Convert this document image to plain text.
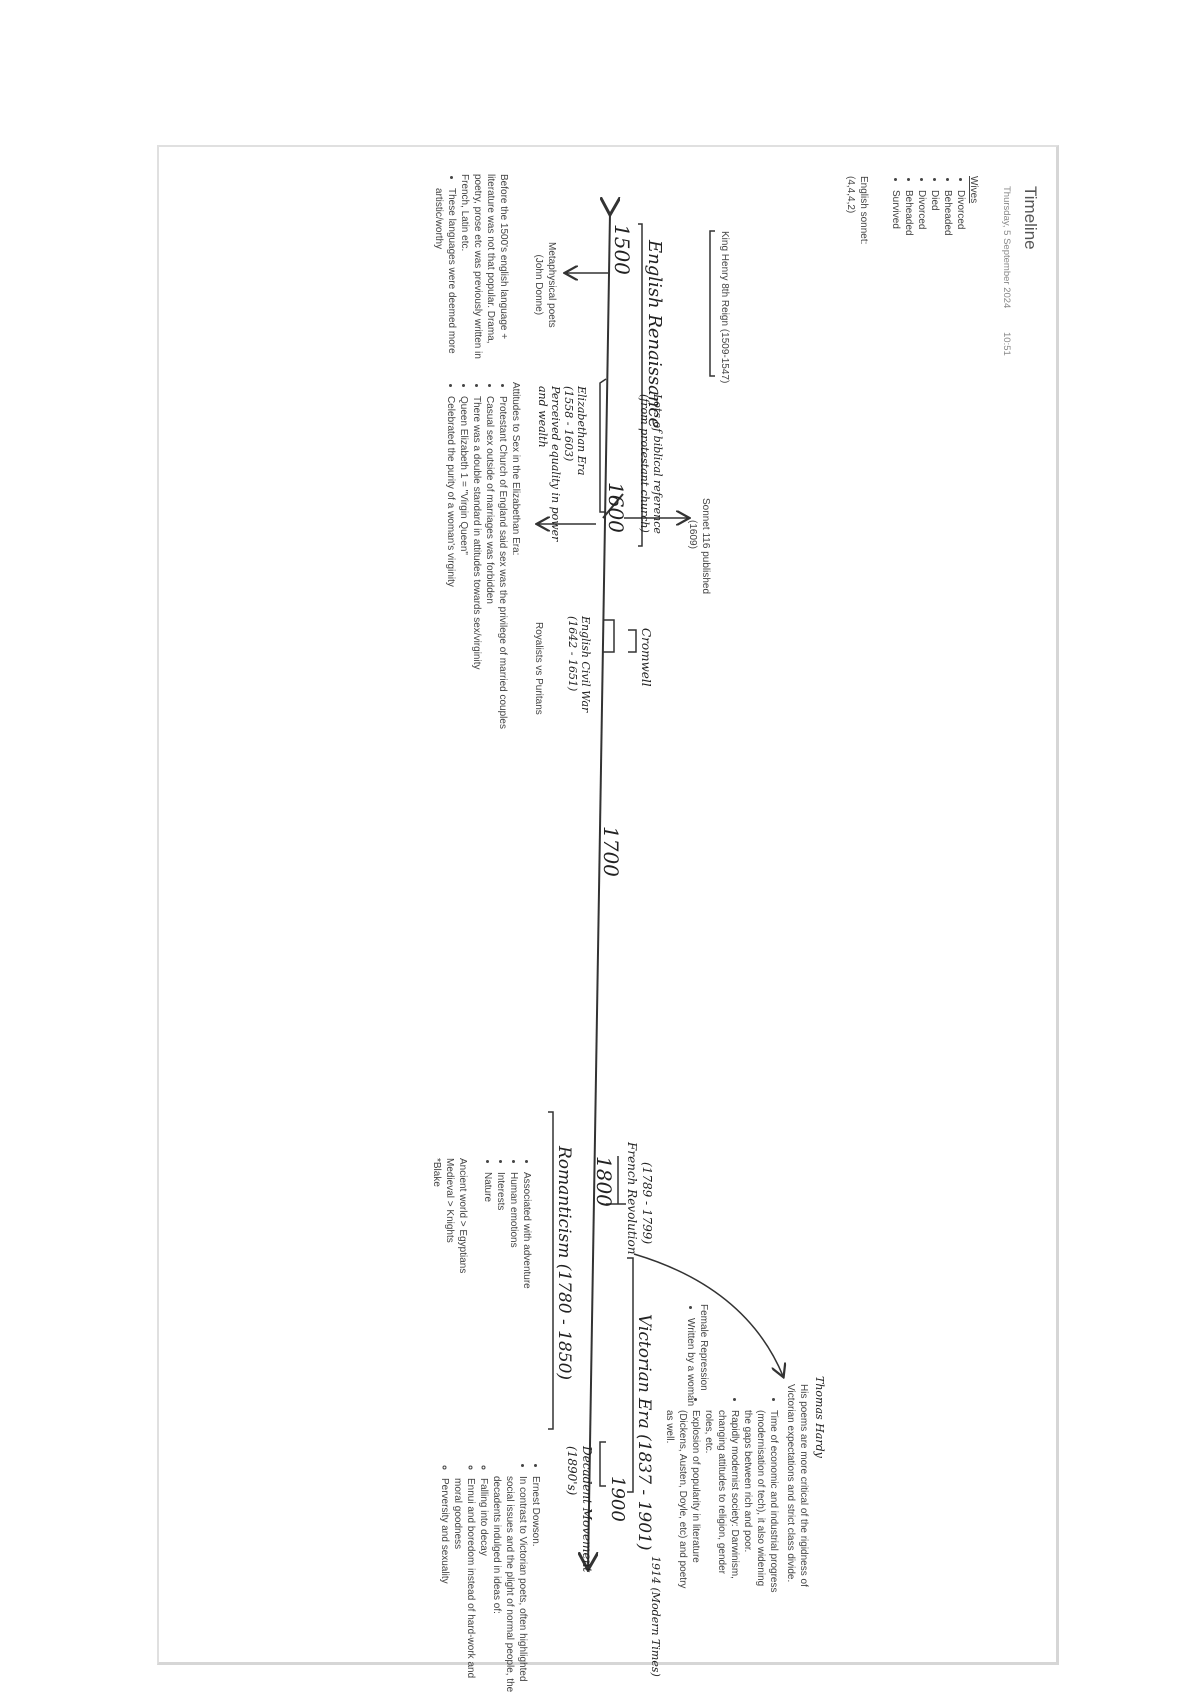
Timeline
Thursday, 5 September 2024
10:51
Wives
• Divorced
• Beheaded
• Died
• Divorced
• Beheaded
• Survived
English sonnet:
(4,4,4,2)
King Henry 8th Reign (1509-1547)
1500
1600
1700
1800
1900
English Renaissance
Lots of biblical reference
(from protestant church)
Sonnet 116 published
(1609)
Metaphysical poets
(John Donne)
Elizabethan Era
(1558 - 1603)
Perceived equality in power
and wealth
Cromwell
English Civil War
(1642 - 1651)
Royalists vs Puritans
Before the 1500's english language +
literature was not that popular. Drama,
poetry, prose etc was previously written in
French, Latin etc.
• These languages were deemed more
artistic/worthy
Attitudes to Sex in the Elizabethan Era:
• Protestant Church of England said sex was the privilege of married couples
• Casual sex outside of marriages was forbidden
• There was a double standard in attitudes towards sex/virginity
• Queen Elizabeth 1 = "Virgin Queen"
• Celebrated the purity of a woman's virginity
(1789 - 1799)
French Revolution
Romanticism (1780 - 1850)
• Associated with adventure
• Human emotions
• Interests
• Nature
Ancient world > Egyptians
Medieval > Knights
*Blake
Victorian Era (1837 - 1901)	Female Repression
• Written by a woman
Thomas Hardy
His poems are more critical of the rigidness of
Victorian expectations and strict class divide.
• Time of economic and industrial progress
(modernisation of tech), it also widening
the gaps between rich and poor.
• Rapidly modernist society: Darwinism,
changing attitudes to religion, gender
roles, etc.
• Explosion of popularity in literature
(Dickens, Austen, Doyle, etc) and poetry
as well.
Decadent Movement
(1890's)
• Ernest Dowson.
• In contrast to Victorian poets, often highlighted
social issues and the plight of normal people, the
decadents indulged in ideas of:
◦ Falling into decay
◦ Ennui and boredom instead of hard-work and
moral goodness
◦ Perversity and sexuality
1914 (Modern Times)
